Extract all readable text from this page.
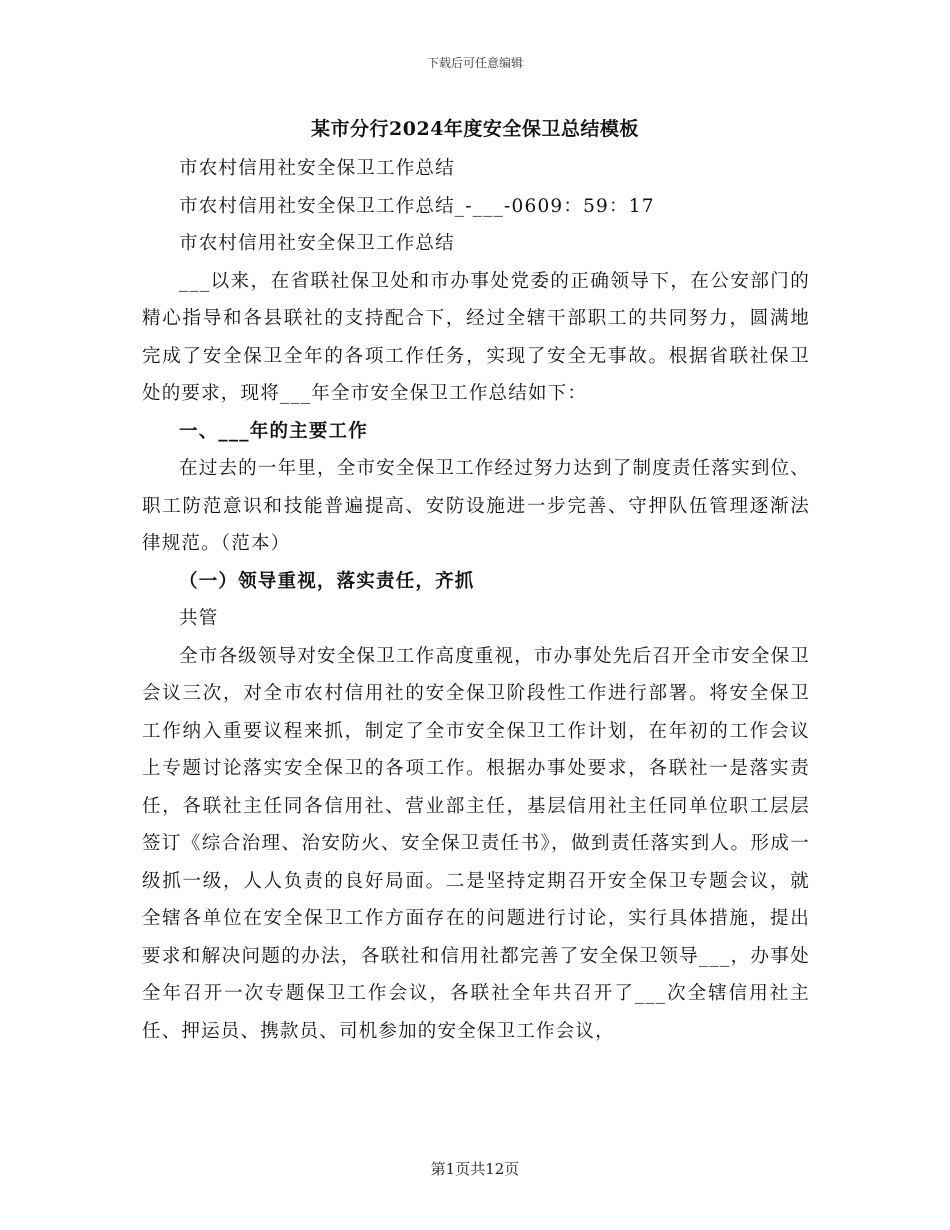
下载后可任意编辑
某市分行2024年度安全保卫总结模板

市农村信用社安全保卫工作总结

市农村信用社安全保卫工作总结_-___-0609：59：17

市农村信用社安全保卫工作总结

___以来，在省联社保卫处和市办事处党委的正确领导下，在公安部门的精心指导和各县联社的支持配合下，经过全辖干部职工的共同努力，圆满地完成了安全保卫全年的各项工作任务，实现了安全无事故。根据省联社保卫处的要求，现将___年全市安全保卫工作总结如下：

一、___年的主要工作

在过去的一年里，全市安全保卫工作经过努力达到了制度责任落实到位、职工防范意识和技能普遍提高、安防设施进一步完善、守押队伍管理逐渐法律规范。（范本）

（一）领导重视，落实责任，齐抓

共管

全市各级领导对安全保卫工作高度重视，市办事处先后召开全市安全保卫会议三次，对全市农村信用社的安全保卫阶段性工作进行部署。将安全保卫工作纳入重要议程来抓，制定了全市安全保卫工作计划，在年初的工作会议上专题讨论落实安全保卫的各项工作。根据办事处要求，各联社一是落实责任，各联社主任同各信用社、营业部主任，基层信用社主任同单位职工层层签订《综合治理、治安防火、安全保卫责任书》，做到责任落实到人。形成一级抓一级，人人负责的良好局面。二是坚持定期召开安全保卫专题会议，就全辖各单位在安全保卫工作方面存在的问题进行讨论，实行具体措施，提出要求和解决问题的办法，各联社和信用社都完善了安全保卫领导___，办事处全年召开一次专题保卫工作会议，各联社全年共召开了___次全辖信用社主任、押运员、携款员、司机参加的安全保卫工作会议，

第1页共12页
